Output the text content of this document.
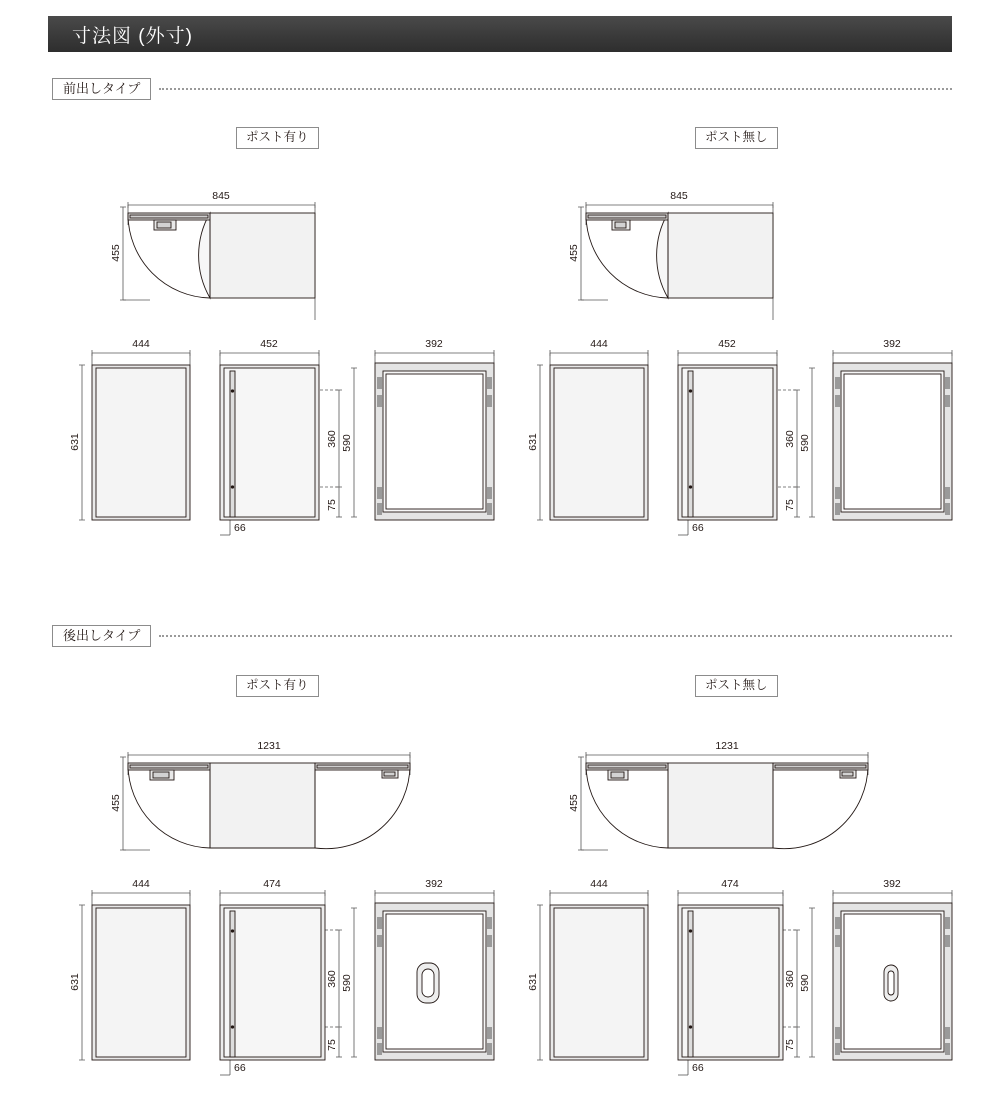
寸法図 (外寸)
前出しタイプ
ポスト有り	ポスト無し
845
455
845
455
444
631
452
360 590
75
66
392	444
631
452
360 590
75
66
392
後出しタイプ
ポスト有り	ポスト無し
1231
455
1231
455
444
631
474
360 590
75
66
392	444
631
474
360 590
75
66
392
